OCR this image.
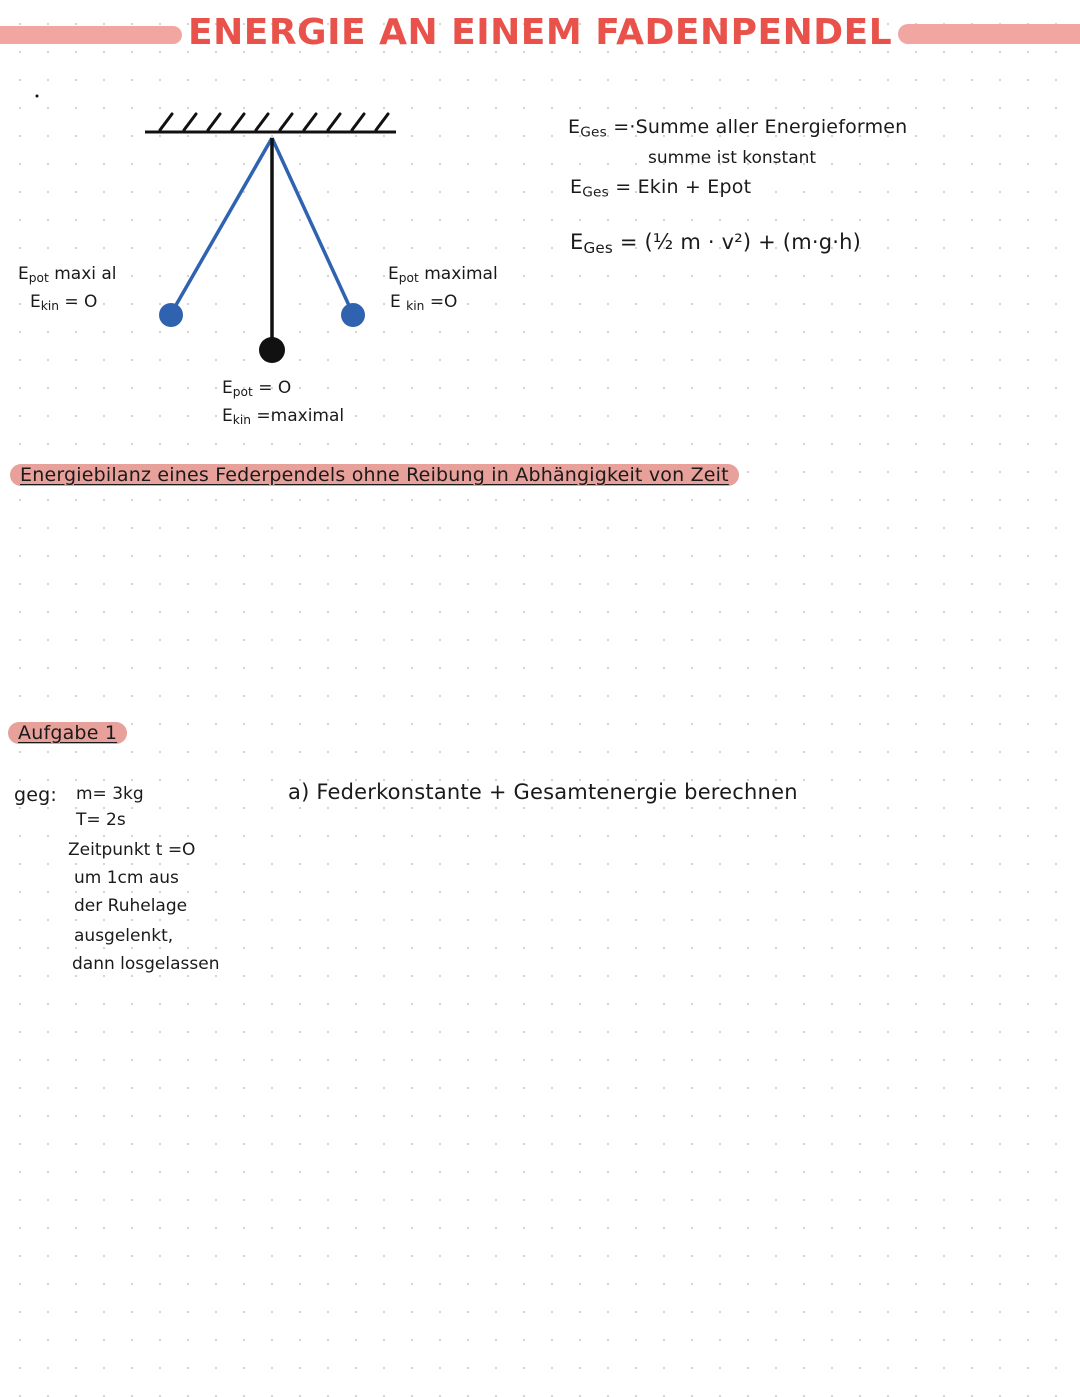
ENERGIE AN EINEM FADENPENDEL
$E_{pot}$ maxi al
$E_{kin} = O$
$E_{pot}$ maximal
E $_{kin}$ =O
$E_{pot} = O$
$E_{kin}$ =maximal
$E_{Ges}$ =·Summe aller Energieformen
summe ist konstant
$E_{Ges}$ = Ekin + Epot
$E_{Ges}$ = (½ m · v²) + (m·g·h)
Energiebilanz eines Federpendels ohne Reibung in Abhängigkeit von Zeit
Aufgabe 1
geg: m= 3kg
T= 2s
Zeitpunkt t =O
um 1cm aus
der Ruhelage
ausgelenkt,
dann losgelassen
a) Federkonstante + Gesamtenergie berechnen
